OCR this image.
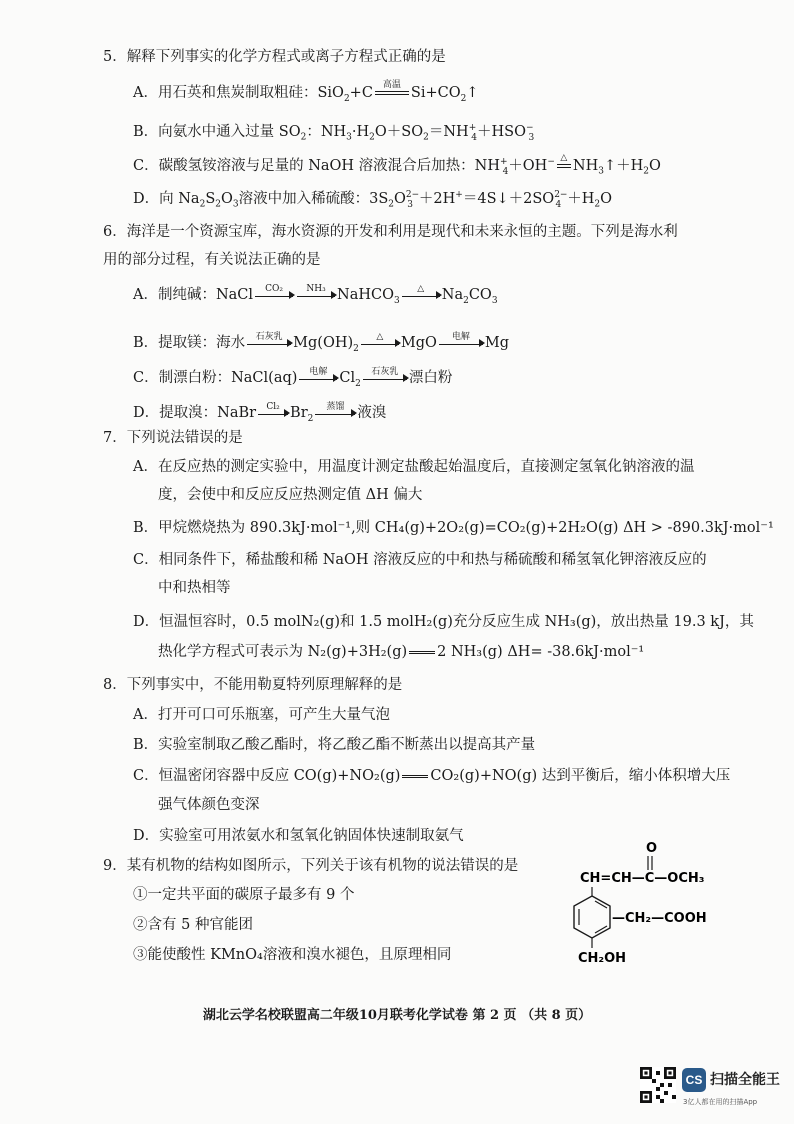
5．解释下列事实的化学方程式或离子方程式正确的是
A．用石英和焦炭制取粗硅：SiO$_2$+C	高温 $Si+CO_2↑$
B．向氨水中通入过量 $SO_2$：$NH_3\cdot H_2O+SO_2=NH^+_4+HSO^-_3$
C．碳酸氢铵溶液与足量的 NaOH 溶液混合后加热：$NH^+_4+OH^-$ △ $NH_3↑+H_2O$
D．向 $Na_2S_2O_3$溶液中加入稀硫酸：$3S_2O^{2-}_3$ $+2H^+=4S↓+2SO^{2-}_4 +H_2O$
6．海洋是一个资源宝库，海水资源的开发和利用是现代和未来永恒的主题。下列是海水利
用的部分过程，有关说法正确的是
A．制纯碱：NaCl	CO₂	NH₃ NaHCO$_3$
△	$Na_2CO_3$
B．提取镁：海水	石灰乳 $Mg(OH)_2$
△	MgO	电解	Mg
C．制漂白粉：NaCl(aq)	电解 $Cl_2$
石灰乳 漂白粉
D．提取溴：NaBr	Cl₂ $Br_2$
蒸馏 液溴
7．下列说法错误的是
A．在反应热的测定实验中，用温度计测定盐酸起始温度后，直接测定氢氧化钠溶液的温
度，会使中和反应反应热测定值 ΔH 偏大
B．甲烷燃烧热为 890.3kJ·mol⁻¹,则 CH₄(g)+2O₂(g)=CO₂(g)+2H₂O(g) ΔH > -890.3kJ·mol⁻¹
C．相同条件下，稀盐酸和稀 NaOH 溶液反应的中和热与稀硫酸和稀氢氧化钾溶液反应的
中和热相等
D．恒温恒容时，0.5 molN₂(g)和 1.5 molH₂(g)充分反应生成 NH₃(g)，放出热量 19.3 kJ，其
热化学方程式可表示为 N₂(g)+3H₂(g) 2 NH₃(g) ΔH= -38.6kJ·mol⁻¹
8．下列事实中，不能用勒夏特列原理解释的是
A．打开可口可乐瓶塞，可产生大量气泡
B．实验室制取乙酸乙酯时，将乙酸乙酯不断蒸出以提高其产量
C．恒温密闭容器中反应 CO(g)+NO₂(g) CO₂(g)+NO(g) 达到平衡后，缩小体积增大压
强气体颜色变深
D．实验室可用浓氨水和氢氧化钠固体快速制取氨气
9．某有机物的结构如图所示，下列关于该有机物的说法错误的是
①一定共平面的碳原子最多有 9 个
②含有 5 种官能团
③能使酸性 KMnO₄溶液和溴水褪色，且原理相同
O
CH=CH—C—OCH₃
—CH₂—COOH
CH₂OH
湖北云学名校联盟高二年级10月联考化学试卷 第 2 页 （共 8 页）
CS 扫描全能王
3亿人都在用的扫描App
